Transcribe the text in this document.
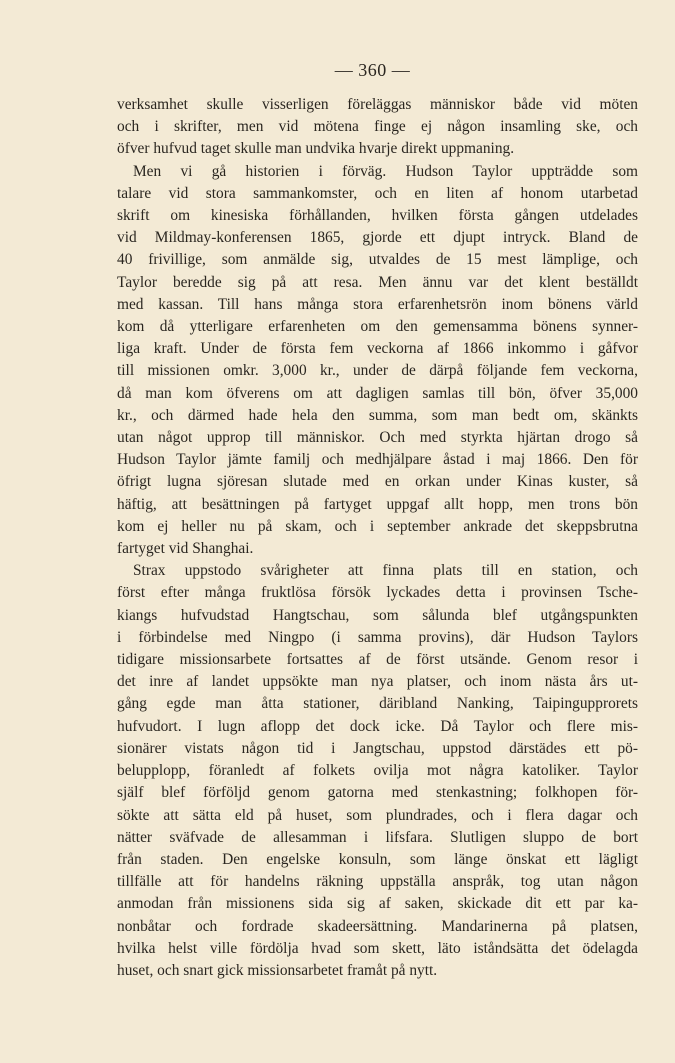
— 360 —
verksamhet skulle visserligen föreläggas människor både vid möten
och i skrifter, men vid mötena finge ej någon insamling ske, och
öfver hufvud taget skulle man undvika hvarje direkt uppmaning.
Men vi gå historien i förväg. Hudson Taylor uppträdde som
talare vid stora sammankomster, och en liten af honom utarbetad
skrift om kinesiska förhållanden, hvilken första gången utdelades
vid Mildmay-konferensen 1865, gjorde ett djupt intryck. Bland de
40 frivillige, som anmälde sig, utvaldes de 15 mest lämplige, och
Taylor beredde sig på att resa. Men ännu var det klent beställdt
med kassan. Till hans många stora erfarenhetsrön inom bönens värld
kom då ytterligare erfarenheten om den gemensamma bönens synner-
liga kraft. Under de första fem veckorna af 1866 inkommo i gåfvor
till missionen omkr. 3,000 kr., under de därpå följande fem veckorna,
då man kom öfverens om att dagligen samlas till bön, öfver 35,000
kr., och därmed hade hela den summa, som man bedt om, skänkts
utan något upprop till människor. Och med styrkta hjärtan drogo så
Hudson Taylor jämte familj och medhjälpare åstad i maj 1866. Den för
öfrigt lugna sjöresan slutade med en orkan under Kinas kuster, så
häftig, att besättningen på fartyget uppgaf allt hopp, men trons bön
kom ej heller nu på skam, och i september ankrade det skeppsbrutna
fartyget vid Shanghai.
Strax uppstodo svårigheter att finna plats till en station, och
först efter många fruktlösa försök lyckades detta i provinsen Tsche-
kiangs hufvudstad Hangtschau, som sålunda blef utgångspunkten
i förbindelse med Ningpo (i samma provins), där Hudson Taylors
tidigare missionsarbete fortsattes af de först utsände. Genom resor i
det inre af landet uppsökte man nya platser, och inom nästa års ut-
gång egde man åtta stationer, däribland Nanking, Taipingupprorets
hufvudort. I lugn aflopp det dock icke. Då Taylor och flere mis-
sionärer vistats någon tid i Jangtschau, uppstod därstädes ett pö-
belupplopp, föranledt af folkets ovilja mot några katoliker. Taylor
själf blef förföljd genom gatorna med stenkastning; folkhopen för-
sökte att sätta eld på huset, som plundrades, och i flera dagar och
nätter sväfvade de allesamman i lifsfara. Slutligen sluppo de bort
från staden. Den engelske konsuln, som länge önskat ett lägligt
tillfälle att för handelns räkning uppställa anspråk, tog utan någon
anmodan från missionens sida sig af saken, skickade dit ett par ka-
nonbåtar och fordrade skadeersättning. Mandarinerna på platsen,
hvilka helst ville fördölja hvad som skett, läto iståndsätta det ödelagda
huset, och snart gick missionsarbetet framåt på nytt.
